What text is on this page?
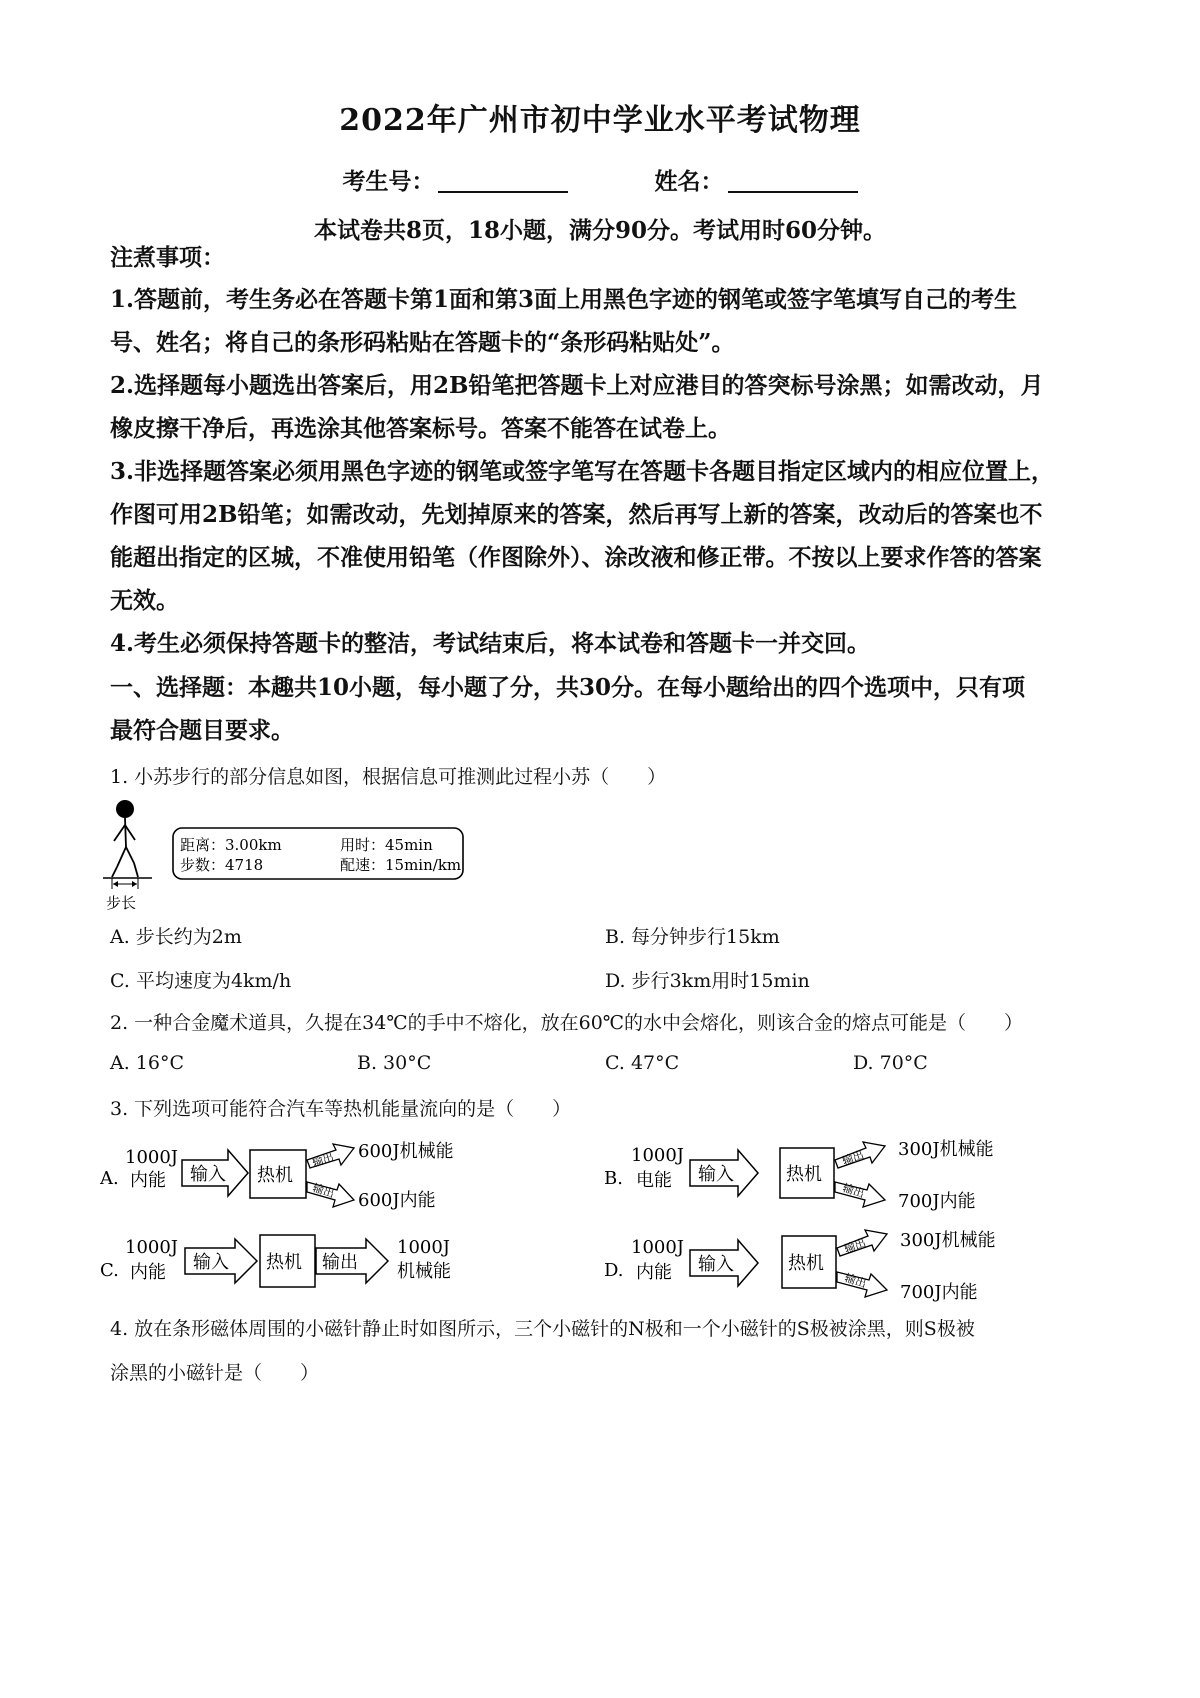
2022年广州市初中学业水平考试物理
考生号：	姓名：
本试卷共8页，18小题，满分90分。考试用时60分钟。
注煮事项：
1.答题前，考生务必在答题卡第1面和第3面上用黑色字迹的钢笔或签字笔填写自己的考生
号、姓名；将自己的条形码粘贴在答题卡的“条形码粘贴处”。
2.选择题每小题选出答案后，用2B铅笔把答题卡上对应港目的答突标号涂黑；如需改动，月
橡皮擦干净后，再选涂其他答案标号。答案不能答在试卷上。
3.非选择题答案必须用黑色字迹的钢笔或签字笔写在答题卡各题目指定区域内的相应位置上，
作图可用2B铅笔；如需改动，先划掉原来的答案，然后再写上新的答案，改动后的答案也不
能超出指定的区城，不准使用铅笔（作图除外）、涂改液和修正带。不按以上要求作答的答案
无效。
4.考生必须保持答题卡的整洁，考试结束后，将本试卷和答题卡一并交回。
一、选择题：本趣共10小题，每小题了分，共30分。在每小题给出的四个选项中，只有项
最符合题目要求。
1. 小苏步行的部分信息如图，根据信息可推测此过程小苏（　　）
步长
距离：3.00km
步数：4718
用时：45min
配速：15min/km
A. 步长约为2m	B. 每分钟步行15km
C. 平均速度为4km/h	D. 步行3km用时15min
2. 一种合金魔术道具，久提在34℃的手中不熔化，放在60℃的水中会熔化，则该合金的熔点可能是（　　）
A. 16°C	B. 30°C	C. 47°C	D. 70°C
3. 下列选项可能符合汽车等热机能量流向的是（　　）
A.
1000J
内能 输入 热机
输出
输出
600J机械能
600J内能
B.
1000J
电能 输入	热机
输出
输出
300J机械能
700J内能
C.
1000J
内能 输入 热机 输出
1000J
机械能	D.
1000J
内能 输入	热机
输出
输出
300J机械能
700J内能
4. 放在条形磁体周围的小磁针静止时如图所示，三个小磁针的N极和一个小磁针的S极被涂黑，则S极被
涂黑的小磁针是（　　）
